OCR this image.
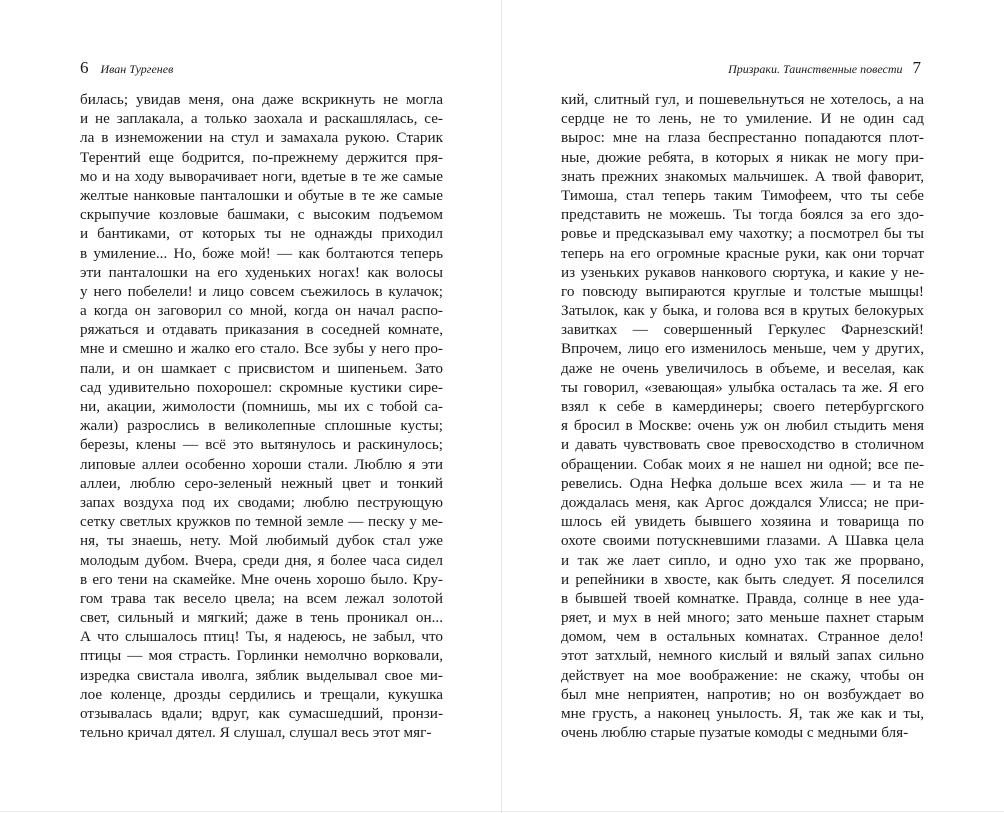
6 Иван Тургенев
билась; увидав меня, она даже вскрикнуть не могла
и не заплакала, а только заохала и раскашлялась, се-
ла в изнеможении на стул и замахала рукою. Старик
Терентий еще бодрится, по-прежнему держится пря-
мо и на ходу выворачивает ноги, вдетые в те же самые
желтые нанковые панталошки и обутые в те же самые
скрыпучие козловые башмаки, с высоким подъемом
и бантиками, от которых ты не однажды приходил
в умиление... Но, боже мой! — как болтаются теперь
эти панталошки на его худеньких ногах! как волосы
у него побелели! и лицо совсем съежилось в кулачок;
а когда он заговорил со мной, когда он начал распо-
ряжаться и отдавать приказания в соседней комнате,
мне и смешно и жалко его стало. Все зубы у него про-
пали, и он шамкает с присвистом и шипеньем. Зато
сад удивительно похорошел: скромные кустики сире-
ни, акации, жимолости (помнишь, мы их с тобой са-
жали) разрослись в великолепные сплошные кусты;
березы, клены — всё это вытянулось и раскинулось;
липовые аллеи особенно хороши стали. Люблю я эти
аллеи, люблю серо-зеленый нежный цвет и тонкий
запах воздуха под их сводами; люблю пеструющую
сетку светлых кружков по темной земле — песку у ме-
ня, ты знаешь, нету. Мой любимый дубок стал уже
молодым дубом. Вчера, среди дня, я более часа сидел
в его тени на скамейке. Мне очень хорошо было. Кру-
гом трава так весело цвела; на всем лежал золотой
свет, сильный и мягкий; даже в тень проникал он...
А что слышалось птиц! Ты, я надеюсь, не забыл, что
птицы — моя страсть. Горлинки немолчно ворковали,
изредка свистала иволга, зяблик выделывал свое ми-
лое коленце, дрозды сердились и трещали, кукушка
отзывалась вдали; вдруг, как сумасшедший, пронзи-
тельно кричал дятел. Я слушал, слушал весь этот мяг-
Призраки. Таинственные повести 7
кий, слитный гул, и пошевельнуться не хотелось, а на
сердце не то лень, не то умиление. И не один сад
вырос: мне на глаза беспрестанно попадаются плот-
ные, дюжие ребята, в которых я никак не могу при-
знать прежних знакомых мальчишек. А твой фаворит,
Тимоша, стал теперь таким Тимофеем, что ты себе
представить не можешь. Ты тогда боялся за его здо-
ровье и предсказывал ему чахотку; а посмотрел бы ты
теперь на его огромные красные руки, как они торчат
из узеньких рукавов нанкового сюртука, и какие у не-
го повсюду выпираются круглые и толстые мышцы!
Затылок, как у быка, и голова вся в крутых белокурых
завитках — совершенный Геркулес Фарнезский!
Впрочем, лицо его изменилось меньше, чем у других,
даже не очень увеличилось в объеме, и веселая, как
ты говорил, «зевающая» улыбка осталась та же. Я его
взял к себе в камердинеры; своего петербургского
я бросил в Москве: очень уж он любил стыдить меня
и давать чувствовать свое превосходство в столичном
обращении. Собак моих я не нашел ни одной; все пе-
ревелись. Одна Нефка дольше всех жила — и та не
дождалась меня, как Аргос дождался Улисса; не при-
шлось ей увидеть бывшего хозяина и товарища по
охоте своими потускневшими глазами. А Шавка цела
и так же лает сипло, и одно ухо так же прорвано,
и репейники в хвосте, как быть следует. Я поселился
в бывшей твоей комнатке. Правда, солнце в нее уда-
ряет, и мух в ней много; зато меньше пахнет старым
домом, чем в остальных комнатах. Странное дело!
этот затхлый, немного кислый и вялый запах сильно
действует на мое воображение: не скажу, чтобы он
был мне неприятен, напротив; но он возбуждает во
мне грусть, а наконец унылость. Я, так же как и ты,
очень люблю старые пузатые комоды с медными бля-
